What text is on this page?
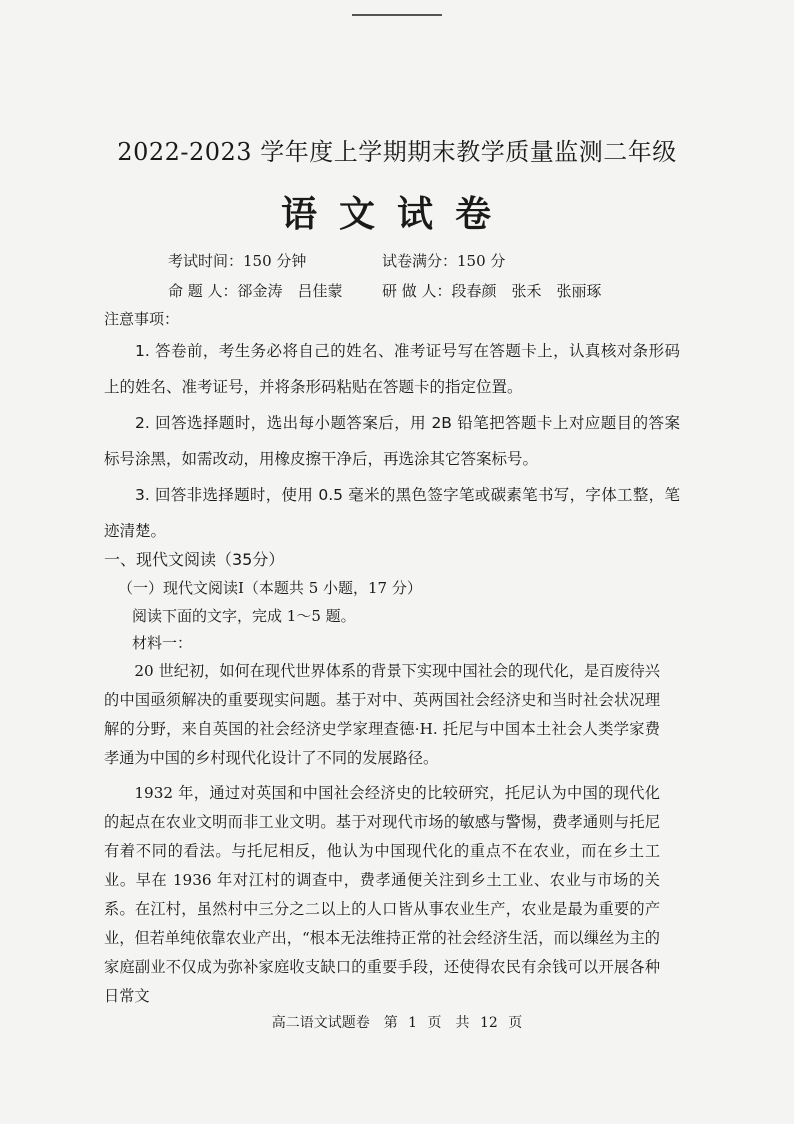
2022-2023 学年度上学期期末教学质量监测二年级
语文试卷
考试时间：150 分钟	试卷满分：150 分
命 题 人：郤金涛　吕佳蒙	研 做 人：段春颜　张禾　张丽琢
注意事项：
1. 答卷前，考生务必将自己的姓名、准考证号写在答题卡上，认真核对条形码上的姓名、准考证号，并将条形码粘贴在答题卡的指定位置。
2. 回答选择题时，选出每小题答案后，用 2B 铅笔把答题卡上对应题目的答案标号涂黑，如需改动，用橡皮擦干净后，再选涂其它答案标号。
3. 回答非选择题时，使用 0.5 毫米的黑色签字笔或碳素笔书写，字体工整，笔迹清楚。
一、现代文阅读（35分）
（一）现代文阅读Ⅰ（本题共 5 小题，17 分）
阅读下面的文字，完成 1～5 题。
材料一：
20 世纪初，如何在现代世界体系的背景下实现中国社会的现代化，是百废待兴的中国亟须解决的重要现实问题。基于对中、英两国社会经济史和当时社会状况理解的分野，来自英国的社会经济史学家理查德·H. 托尼与中国本土社会人类学家费孝通为中国的乡村现代化设计了不同的发展路径。
1932 年，通过对英国和中国社会经济史的比较研究，托尼认为中国的现代化的起点在农业文明而非工业文明。基于对现代市场的敏感与警惕，费孝通则与托尼有着不同的看法。与托尼相反，他认为中国现代化的重点不在农业，而在乡土工业。早在 1936 年对江村的调查中，费孝通便关注到乡土工业、农业与市场的关系。在江村，虽然村中三分之二以上的人口皆从事农业生产，农业是最为重要的产业，但若单纯依靠农业产出，“根本无法维持正常的社会经济生活，而以缫丝为主的家庭副业不仅成为弥补家庭收支缺口的重要手段，还使得农民有余钱可以开展各种日常文
高二语文试题卷　第 1 页　共 12 页
